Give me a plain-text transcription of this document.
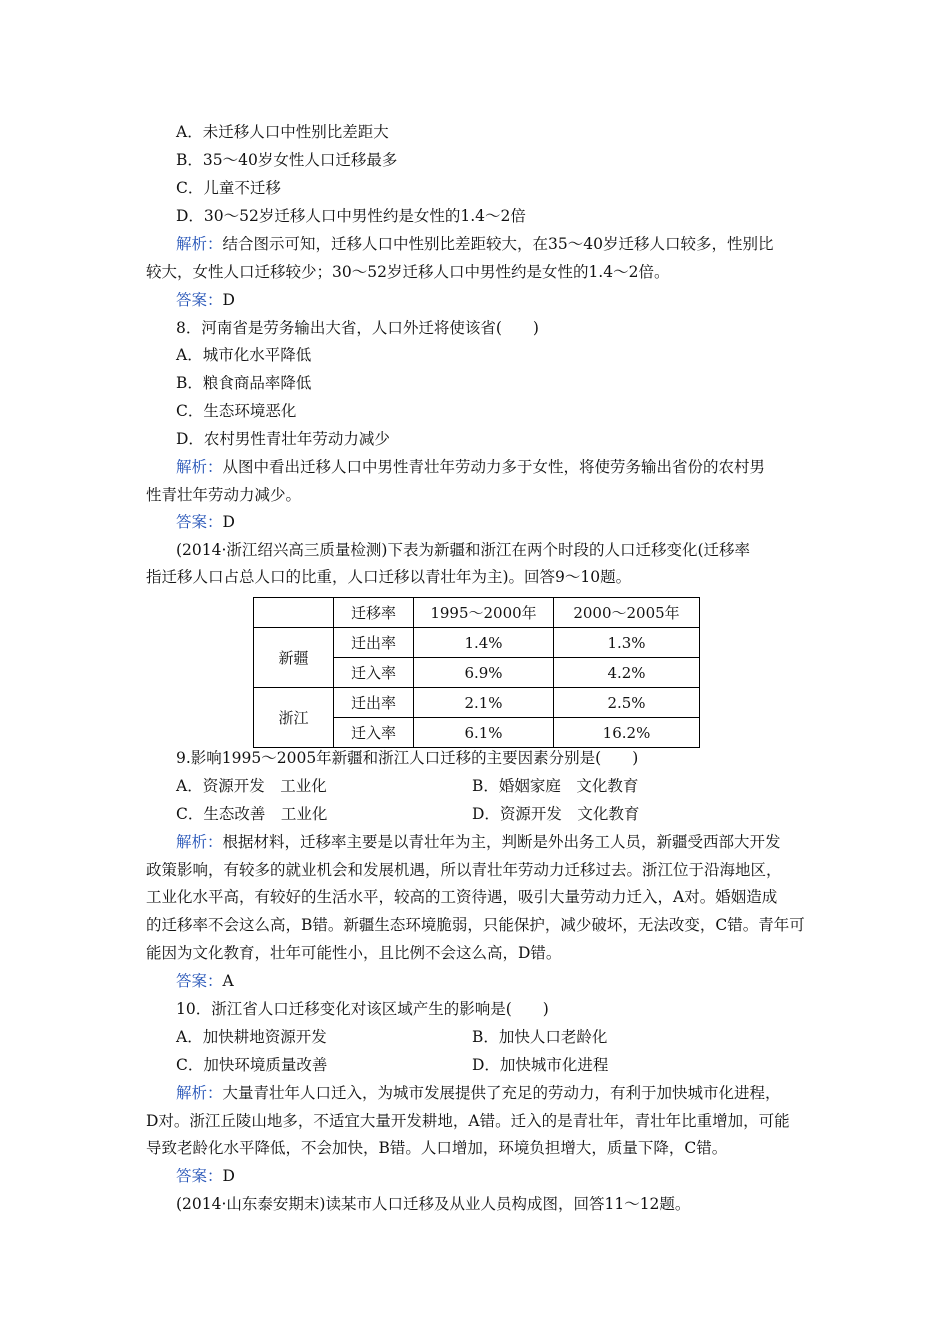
A．未迁移人口中性别比差距大
B．35～40岁女性人口迁移最多
C．儿童不迁移
D．30～52岁迁移人口中男性约是女性的1.4～2倍
解析：结合图示可知，迁移人口中性别比差距较大，在35～40岁迁移人口较多，性别比
较大，女性人口迁移较少；30～52岁迁移人口中男性约是女性的1.4～2倍。
答案：D
8．河南省是劳务输出大省，人口外迁将使该省(　　)
A．城市化水平降低
B．粮食商品率降低
C．生态环境恶化
D．农村男性青壮年劳动力减少
解析：从图中看出迁移人口中男性青壮年劳动力多于女性，将使劳务输出省份的农村男
性青壮年劳动力减少。
答案：D
(2014·浙江绍兴高三质量检测)下表为新疆和浙江在两个时段的人口迁移变化(迁移率
指迁移人口占总人口的比重，人口迁移以青壮年为主)。回答9～10题。
	迁移率	1995～2000年	2000～2005年
新疆	迁出率	1.4%	1.3%
	迁入率	6.9%	4.2%
浙江	迁出率	2.1%	2.5%
	迁入率	6.1%	16.2%
9.影响1995～2005年新疆和浙江人口迁移的主要因素分别是(　　)
A．资源开发　工业化	B．婚姻家庭　文化教育
C．生态改善　工业化	D．资源开发　文化教育
解析：根据材料，迁移率主要是以青壮年为主，判断是外出务工人员，新疆受西部大开发
政策影响，有较多的就业机会和发展机遇，所以青壮年劳动力迁移过去。浙江位于沿海地区，
工业化水平高，有较好的生活水平，较高的工资待遇，吸引大量劳动力迁入，A对。婚姻造成
的迁移率不会这么高，B错。新疆生态环境脆弱，只能保护，减少破坏，无法改变，C错。青年可
能因为文化教育，壮年可能性小，且比例不会这么高，D错。
答案：A
10．浙江省人口迁移变化对该区域产生的影响是(　　)
A．加快耕地资源开发	B．加快人口老龄化
C．加快环境质量改善	D．加快城市化进程
解析：大量青壮年人口迁入，为城市发展提供了充足的劳动力，有利于加快城市化进程，
D对。浙江丘陵山地多，不适宜大量开发耕地，A错。迁入的是青壮年，青壮年比重增加，可能
导致老龄化水平降低，不会加快，B错。人口增加，环境负担增大，质量下降，C错。
答案：D
(2014·山东泰安期末)读某市人口迁移及从业人员构成图，回答11～12题。
